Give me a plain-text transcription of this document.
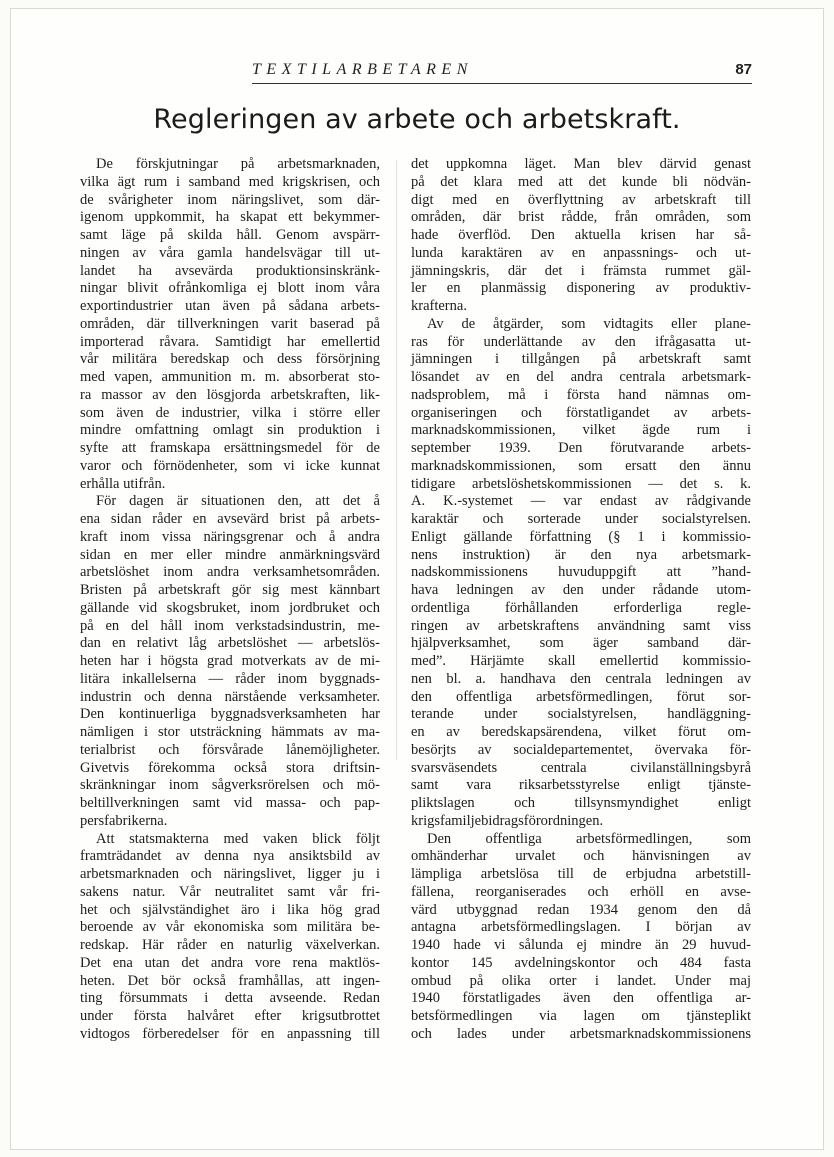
TEXTILARBETAREN	87
Regleringen av arbete och arbetskraft.
De förskjutningar på arbetsmarknaden,
vilka ägt rum i samband med krigskrisen, och
de svårigheter inom näringslivet, som där-
igenom uppkommit, ha skapat ett bekymmer-
samt läge på skilda håll. Genom avspärr-
ningen av våra gamla handelsvägar till ut-
landet ha avsevärda produktionsinskränk-
ningar blivit ofrånkomliga ej blott inom våra
exportindustrier utan även på sådana arbets-
områden, där tillverkningen varit baserad på
importerad råvara. Samtidigt har emellertid
vår militära beredskap och dess försörjning
med vapen, ammunition m. m. absorberat sto-
ra massor av den lösgjorda arbetskraften, lik-
som även de industrier, vilka i större eller
mindre omfattning omlagt sin produktion i
syfte att framskapa ersättningsmedel för de
varor och förnödenheter, som vi icke kunnat
erhålla utifrån.
För dagen är situationen den, att det å
ena sidan råder en avsevärd brist på arbets-
kraft inom vissa näringsgrenar och å andra
sidan en mer eller mindre anmärkningsvärd
arbetslöshet inom andra verksamhetsområden.
Bristen på arbetskraft gör sig mest kännbart
gällande vid skogsbruket, inom jordbruket och
på en del håll inom verkstadsindustrin, me-
dan en relativt låg arbetslöshet — arbetslös-
heten har i högsta grad motverkats av de mi-
litära inkallelserna — råder inom byggnads-
industrin och denna närstående verksamheter.
Den kontinuerliga byggnadsverksamheten har
nämligen i stor utsträckning hämmats av ma-
terialbrist och försvårade lånemöjligheter.
Givetvis förekomma också stora driftsin-
skränkningar inom sågverksrörelsen och mö-
beltillverkningen samt vid massa- och pap-
persfabrikerna.
Att statsmakterna med vaken blick följt
framträdandet av denna nya ansiktsbild av
arbetsmarknaden och näringslivet, ligger ju i
sakens natur. Vår neutralitet samt vår fri-
het och självständighet äro i lika hög grad
beroende av vår ekonomiska som militära be-
redskap. Här råder en naturlig växelverkan.
Det ena utan det andra vore rena maktlös-
heten. Det bör också framhållas, att ingen-
ting försummats i detta avseende. Redan
under första halvåret efter krigsutbrottet
vidtogos förberedelser för en anpassning till
det uppkomna läget. Man blev därvid genast
på det klara med att det kunde bli nödvän-
digt med en överflyttning av arbetskraft till
områden, där brist rådde, från områden, som
hade överflöd. Den aktuella krisen har så-
lunda karaktären av en anpassnings- och ut-
jämningskris, där det i främsta rummet gäl-
ler en planmässig disponering av produktiv-
krafterna.
Av de åtgärder, som vidtagits eller plane-
ras för underlättande av den ifrågasatta ut-
jämningen i tillgången på arbetskraft samt
lösandet av en del andra centrala arbetsmark-
nadsproblem, må i första hand nämnas om-
organiseringen och förstatligandet av arbets-
marknadskommissionen, vilket ägde rum i
september 1939. Den förutvarande arbets-
marknadskommissionen, som ersatt den ännu
tidigare arbetslöshetskommissionen — det s. k.
A. K.-systemet — var endast av rådgivande
karaktär och sorterade under socialstyrelsen.
Enligt gällande författning (§ 1 i kommissio-
nens instruktion) är den nya arbetsmark-
nadskommissionens huvuduppgift att ”hand-
hava ledningen av den under rådande utom-
ordentliga förhållanden erforderliga regle-
ringen av arbetskraftens användning samt viss
hjälpverksamhet, som äger samband där-
med”. Härjämte skall emellertid kommissio-
nen bl. a. handhava den centrala ledningen av
den offentliga arbetsförmedlingen, förut sor-
terande under socialstyrelsen, handläggning-
en av beredskapsärendena, vilket förut om-
besörjts av socialdepartementet, övervaka för-
svarsväsendets centrala civilanställningsbyrå
samt vara riksarbetsstyrelse enligt tjänste-
pliktslagen och tillsynsmyndighet enligt
krigsfamiljebidragsförordningen.
Den offentliga arbetsförmedlingen, som
omhänderhar urvalet och hänvisningen av
lämpliga arbetslösa till de erbjudna arbetstill-
fällena, reorganiserades och erhöll en avse-
värd utbyggnad redan 1934 genom den då
antagna arbetsförmedlingslagen. I början av
1940 hade vi sålunda ej mindre än 29 huvud-
kontor 145 avdelningskontor och 484 fasta
ombud på olika orter i landet. Under maj
1940 förstatligades även den offentliga ar-
betsförmedlingen via lagen om tjänsteplikt
och lades under arbetsmarknadskommissionens
